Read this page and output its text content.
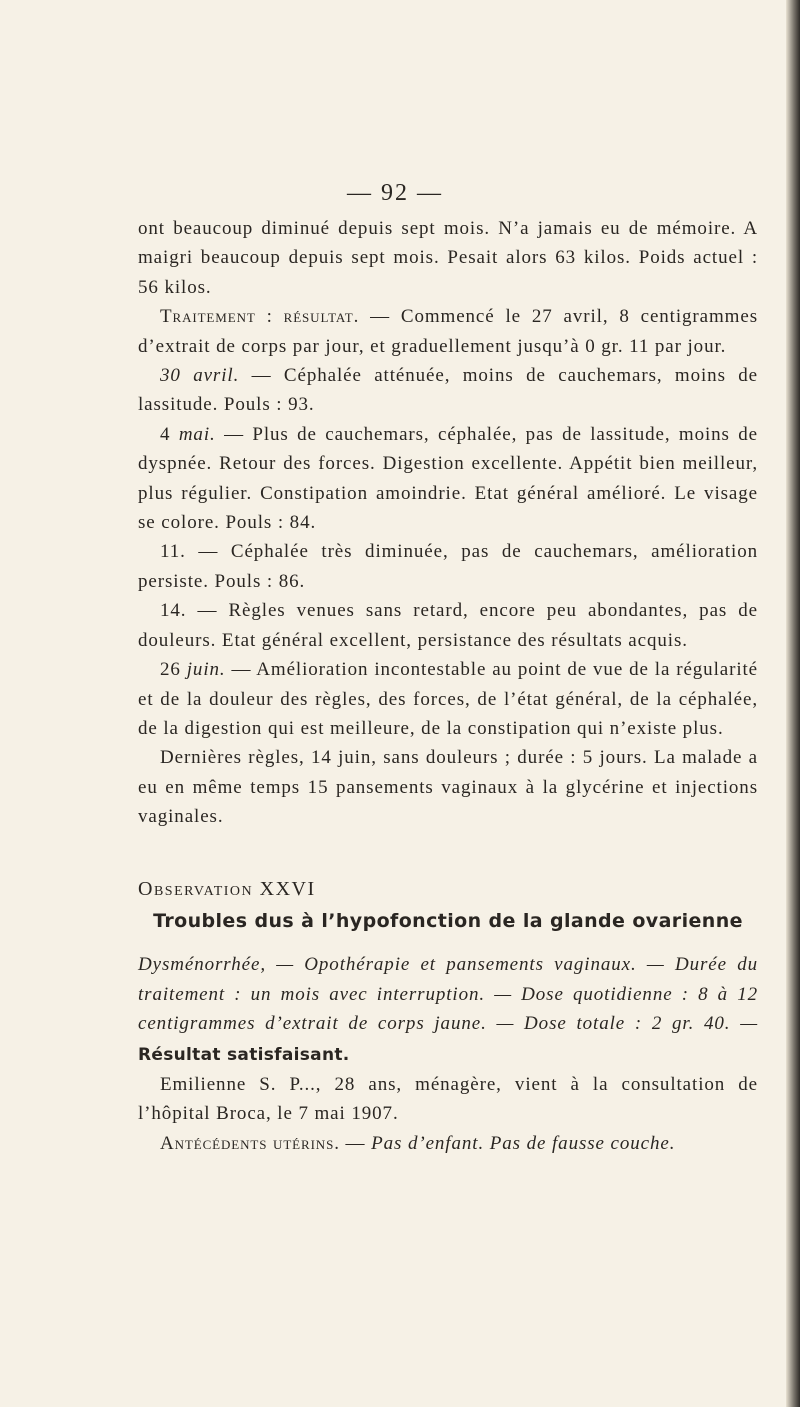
— 92 —

ont beaucoup diminué depuis sept mois. N’a jamais eu de mémoire. A maigri beaucoup depuis sept mois. Pesait alors 63 kilos. Poids actuel : 56 kilos.

Traitement : résultat. — Commencé le 27 avril, 8 centigrammes d’extrait de corps par jour, et graduellement jusqu’à 0 gr. 11 par jour.

30 avril. — Céphalée atténuée, moins de cauchemars, moins de lassitude. Pouls : 93.

4 mai. — Plus de cauchemars, céphalée, pas de lassitude, moins de dyspnée. Retour des forces. Digestion excellente. Appétit bien meilleur, plus régulier. Constipation amoindrie. Etat général amélioré. Le visage se colore. Pouls : 84.

11. — Céphalée très diminuée, pas de cauchemars, amélioration persiste. Pouls : 86.

14. — Règles venues sans retard, encore peu abondantes, pas de douleurs. Etat général excellent, persistance des résultats acquis.

26 juin. — Amélioration incontestable au point de vue de la régularité et de la douleur des règles, des forces, de l’état général, de la céphalée, de la digestion qui est meilleure, de la constipation qui n’existe plus.

Dernières règles, 14 juin, sans douleurs ; durée : 5 jours. La malade a eu en même temps 15 pansements vaginaux à la glycérine et injections vaginales.

Observation XXVI

Troubles dus à l’hypofonction de la glande ovarienne

Dysménorrhée, — Opothérapie et pansements vaginaux. — Durée du traitement : un mois avec interruption. — Dose quotidienne : 8 à 12 centigrammes d’extrait de corps jaune. — Dose totale : 2 gr. 40. — Résultat satisfaisant.

Emilienne S. P..., 28 ans, ménagère, vient à la consultation de l’hôpital Broca, le 7 mai 1907.

Antécédents utérins. — Pas d’enfant. Pas de fausse couche.
